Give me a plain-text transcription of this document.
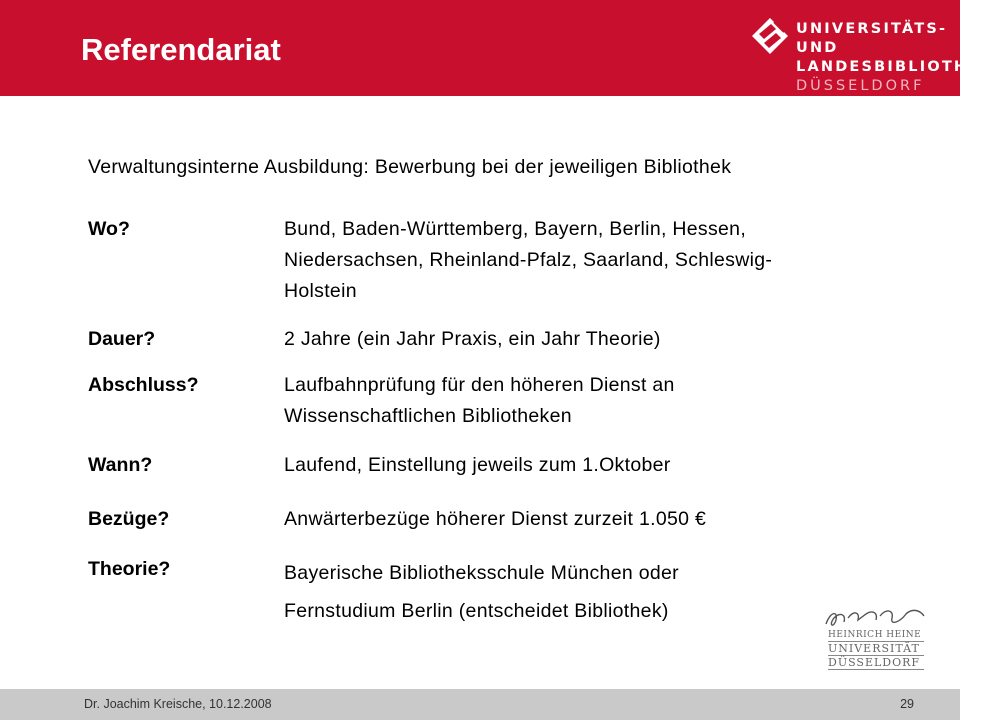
Referendariat
UNIVERSITÄTS- UND
LANDESBIBLIOTHEK
DÜSSELDORF
Verwaltungsinterne Ausbildung: Bewerbung bei der jeweiligen Bibliothek
Wo?	Bund, Baden-Württemberg, Bayern, Berlin, Hessen,
Niedersachsen, Rheinland-Pfalz, Saarland, Schleswig-
Holstein
Dauer?	2 Jahre (ein Jahr Praxis, ein Jahr Theorie)
Abschluss?	Laufbahnprüfung für den höheren Dienst an
Wissenschaftlichen Bibliotheken
Wann?	Laufend, Einstellung jeweils zum 1.Oktober
Bezüge?	Anwärterbezüge höherer Dienst zurzeit 1.050 €
Theorie?	Bayerische Bibliotheksschule München oder
Fernstudium Berlin (entscheidet Bibliothek)
HEINRICH HEINE
UNIVERSITÄT
DÜSSELDORF
Dr. Joachim Kreische, 10.12.2008	29
